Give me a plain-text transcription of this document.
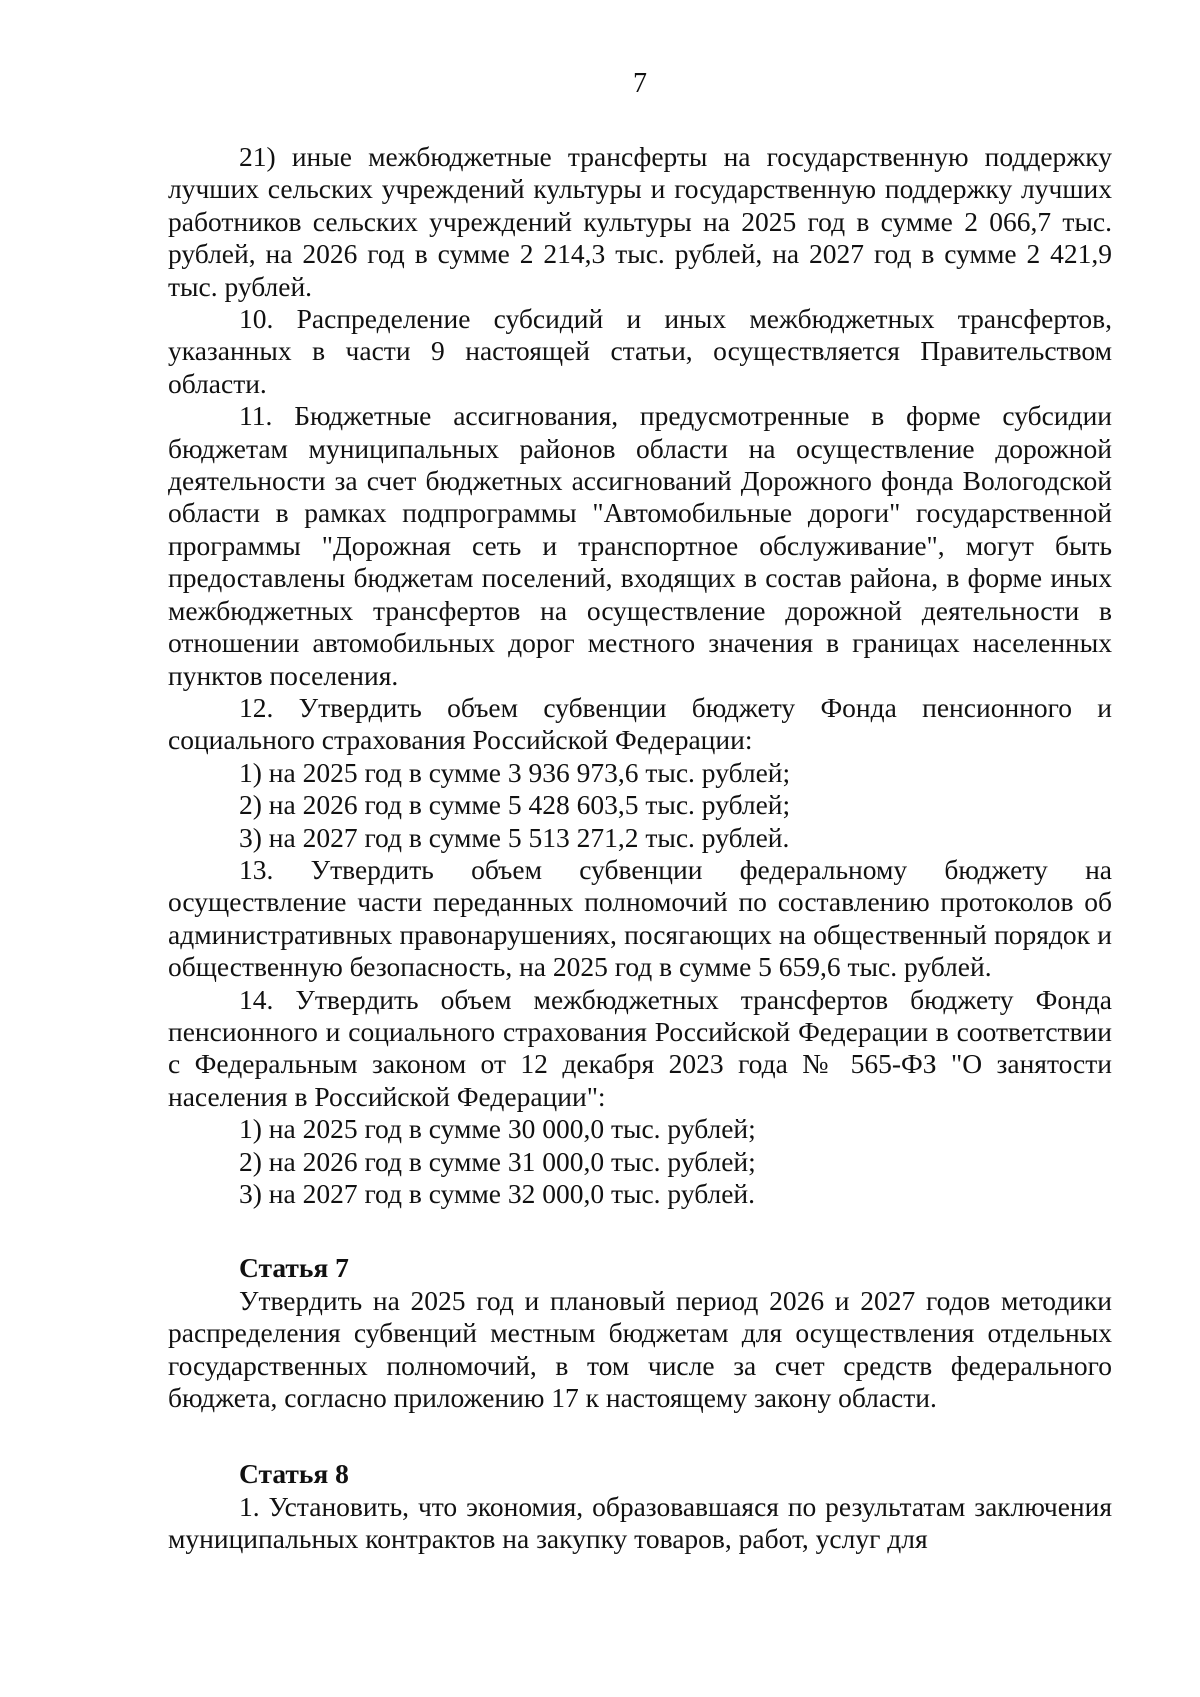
7

21) иные межбюджетные трансферты на государственную поддержку лучших сельских учреждений культуры и государственную поддержку лучших работников сельских учреждений культуры на 2025 год в сумме 2 066,7 тыс. рублей, на 2026 год в сумме 2 214,3 тыс. рублей, на 2027 год в сумме 2 421,9 тыс. рублей.

10. Распределение субсидий и иных межбюджетных трансфертов, указанных в части 9 настоящей статьи, осуществляется Правительством области.

11. Бюджетные ассигнования, предусмотренные в форме субсидии бюджетам муниципальных районов области на осуществление дорожной деятельности за счет бюджетных ассигнований Дорожного фонда Вологодской области в рамках подпрограммы "Автомобильные дороги" государственной программы "Дорожная сеть и транспортное обслуживание", могут быть предоставлены бюджетам поселений, входящих в состав района, в форме иных межбюджетных трансфертов на осуществление дорожной деятельности в отношении автомобильных дорог местного значения в границах населенных пунктов поселения.

12. Утвердить объем субвенции бюджету Фонда пенсионного и социального страхования Российской Федерации:

1) на 2025 год в сумме 3 936 973,6 тыс. рублей;

2) на 2026 год в сумме 5 428 603,5 тыс. рублей;

3) на 2027 год в сумме 5 513 271,2 тыс. рублей.

13. Утвердить объем субвенции федеральному бюджету на осуществление части переданных полномочий по составлению протоколов об административных правонарушениях, посягающих на общественный порядок и общественную безопасность, на 2025 год в сумме 5 659,6 тыс. рублей.

14. Утвердить объем межбюджетных трансфертов бюджету Фонда пенсионного и социального страхования Российской Федерации в соответствии с Федеральным законом от 12 декабря 2023 года № 565-ФЗ "О занятости населения в Российской Федерации":

1) на 2025 год в сумме 30 000,0 тыс. рублей;

2) на 2026 год в сумме 31 000,0 тыс. рублей;

3) на 2027 год в сумме 32 000,0 тыс. рублей.

Статья 7

Утвердить на 2025 год и плановый период 2026 и 2027 годов методики распределения субвенций местным бюджетам для осуществления отдельных государственных полномочий, в том числе за счет средств федерального бюджета, согласно приложению 17 к настоящему закону области.

Статья 8

1. Установить, что экономия, образовавшаяся по результатам заключения муниципальных контрактов на закупку товаров, работ, услуг для
